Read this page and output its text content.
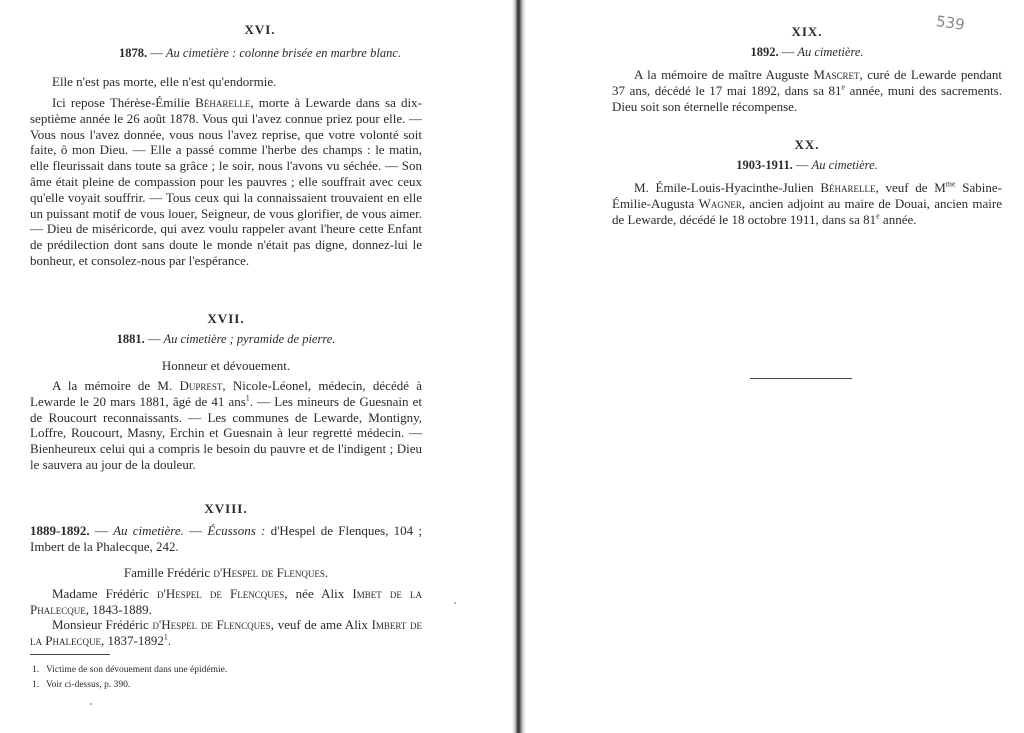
XVI.
1878. — Au cimetière : colonne brisée en marbre blanc.
Elle n'est pas morte, elle n'est qu'endormie.
Ici repose Thérèse-Émilie Béharelle, morte à Lewarde dans sa dix-septième année le 26 août 1878. Vous qui l'avez connue priez pour elle. — Vous nous l'avez donnée, vous nous l'avez reprise, que votre volonté soit faite, ô mon Dieu. — Elle a passé comme l'herbe des champs : le matin, elle fleurissait dans toute sa grâce ; le soir, nous l'avons vu séchée. — Son âme était pleine de compassion pour les pauvres ; elle souffrait avec ceux qu'elle voyait souffrir. — Tous ceux qui la connaissaient trouvaient en elle un puissant motif de vous louer, Seigneur, de vous glorifier, de vous aimer. — Dieu de miséricorde, qui avez voulu rappeler avant l'heure cette Enfant de prédilection dont sans doute le monde n'était pas digne, donnez-lui le bonheur, et consolez-nous par l'espérance.
XVII.
1881. — Au cimetière ; pyramide de pierre.
Honneur et dévouement.
A la mémoire de M. Duprest, Nicole-Léonel, médecin, décédé à Lewarde le 20 mars 1881, âgé de 41 ans$^1$. — Les mineurs de Guesnain et de Roucourt reconnaissants. — Les communes de Lewarde, Montigny, Loffre, Roucourt, Masny, Erchin et Guesnain à leur regretté médecin. — Bienheureux celui qui a compris le besoin du pauvre et de l'indigent ; Dieu le sauvera au jour de la douleur.
XVIII.
1889-1892. — Au cimetière. — Écussons : d'Hespel de Flenques, 104 ; Imbert de la Phalecque, 242.
Famille Frédéric d'Hespel de Flenques.
Madame Frédéric d'Hespel de Flencques, née Alix Imbet de la Phalecque, 1843-1889.
Monsieur Frédéric d'Hespel de Flencques, veuf de ame Alix Imbert de la Phalecque, 1837-1892$^1$.
1. Victime de son dévouement dans une épidémie.
1. Voir ci-dessus, p. 390.
539
XIX.
1892. — Au cimetière.
A la mémoire de maître Auguste Mascret, curé de Lewarde pendant 37 ans, décédé le 17 mai 1892, dans sa 81e année, muni des sacrements. Dieu soit son éternelle récompense.
XX.
1903-1911. — Au cimetière.
M. Émile-Louis-Hyacinthe-Julien Béharelle, veuf de $M^{me}$ Sabine-Émilie-Augusta Wagner, ancien adjoint au maire de Douai, ancien maire de Lewarde, décédé le 18 octobre 1911, dans sa 81e année.
